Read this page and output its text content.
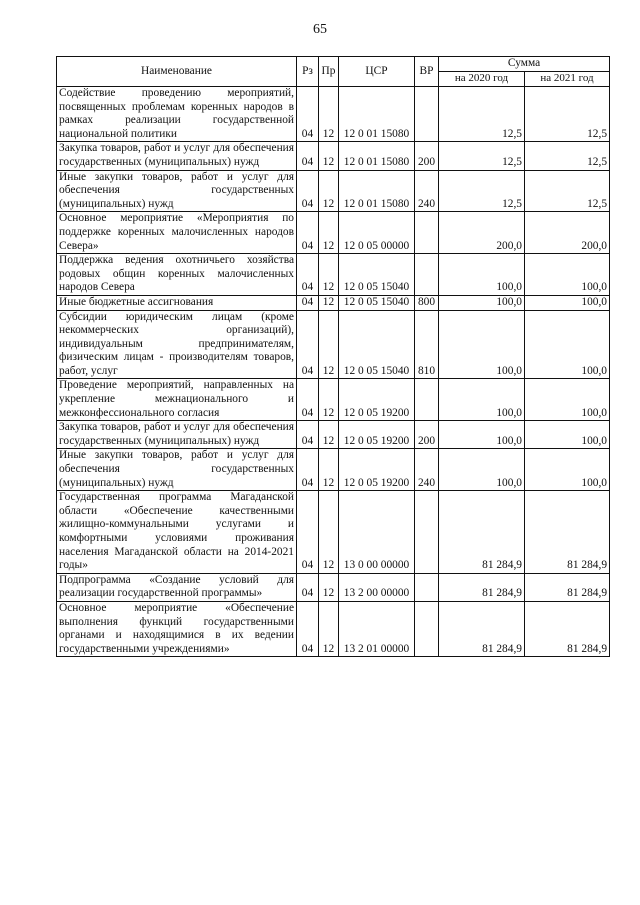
65
Наименование	Рз	Пр	ЦСР	ВР	Сумма	
					на 2020 год	на 2021 год
Содействие проведению мероприятий, посвященных проблемам коренных народов в рамках реализации государственной национальной политики	04	12	12 0 01 15080		12,5	12,5
Закупка товаров, работ и услуг для обеспечения государственных (муниципальных) нужд	04	12	12 0 01 15080	200	12,5	12,5
Иные закупки товаров, работ и услуг для обеспечения государственных (муниципальных) нужд	04	12	12 0 01 15080	240	12,5	12,5
Основное мероприятие «Мероприятия по поддержке коренных малочисленных народов Севера»	04	12	12 0 05 00000		200,0	200,0
Поддержка ведения охотничьего хозяйства родовых общин коренных малочисленных народов Севера	04	12	12 0 05 15040		100,0	100,0
Иные бюджетные ассигнования	04	12	12 0 05 15040	800	100,0	100,0
Субсидии юридическим лицам (кроме некоммерческих организаций), индивидуальным предпринимателям, физическим лицам - производителям товаров, работ, услуг	04	12	12 0 05 15040	810	100,0	100,0
Проведение мероприятий, направленных на укрепление межнационального и межконфессионального согласия	04	12	12 0 05 19200		100,0	100,0
Закупка товаров, работ и услуг для обеспечения государственных (муниципальных) нужд	04	12	12 0 05 19200	200	100,0	100,0
Иные закупки товаров, работ и услуг для обеспечения государственных (муниципальных) нужд	04	12	12 0 05 19200	240	100,0	100,0
Государственная программа Магаданской области «Обеспечение качественными жилищно-коммунальными услугами и комфортными условиями проживания населения Магаданской области на 2014-2021 годы»	04	12	13 0 00 00000		81 284,9	81 284,9
Подпрограмма «Создание условий для реализации государственной программы»	04	12	13 2 00 00000		81 284,9	81 284,9
Основное мероприятие «Обеспечение выполнения функций государственными органами и находящимися в их ведении государственными учреждениями»	04	12	13 2 01 00000		81 284,9	81 284,9
